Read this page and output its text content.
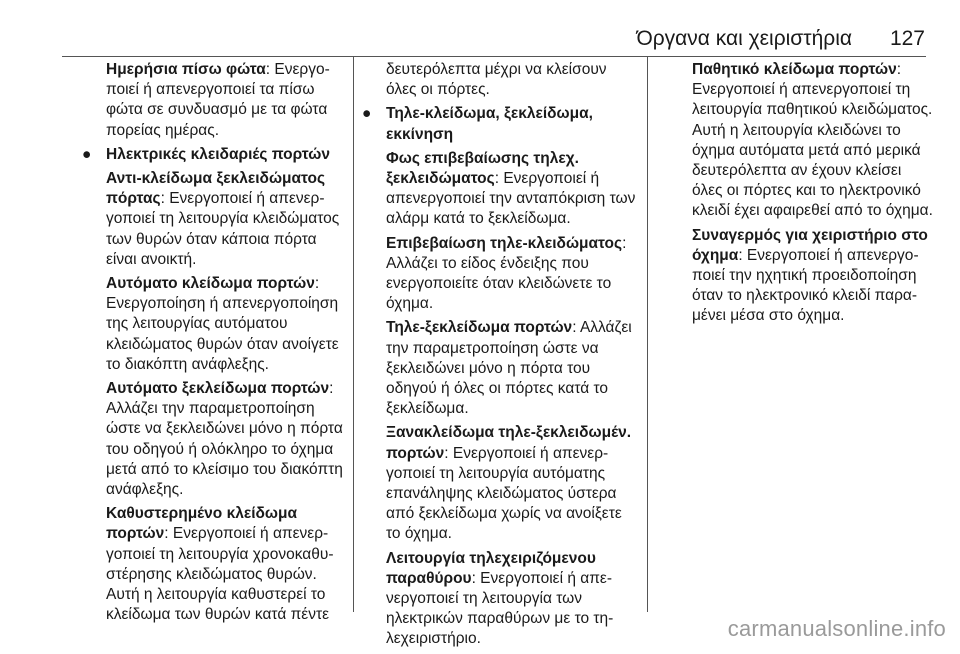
Όργανα και χειριστήρια 127

Ημερήσια πίσω φώτα: Ενεργοποιεί ή απενεργοποιεί τα πίσω φώτα σε συνδυασμό με τα φώτα πορείας ημέρας.

● Ηλεκτρικές κλειδαριές πορτών

Αντι-κλείδωμα ξεκλειδώματος πόρτας: Ενεργοποιεί ή απενεργοποιεί τη λειτουργία κλειδώματος των θυρών όταν κάποια πόρτα είναι ανοικτή.

Αυτόματο κλείδωμα πορτών: Ενεργοποίηση ή απενεργοποίηση της λειτουργίας αυτόματου κλειδώματος θυρών όταν ανοίγετε το διακόπτη ανάφλεξης.

Αυτόματο ξεκλείδωμα πορτών: Αλλάζει την παραμετροποίηση ώστε να ξεκλειδώνει μόνο η πόρτα του οδηγού ή ολόκληρο το όχημα μετά από το κλείσιμο του διακόπτη ανάφλεξης.

Καθυστερημένο κλείδωμα πορτών: Ενεργοποιεί ή απενεργοποιεί τη λειτουργία χρονοκαθυστέρησης κλειδώματος θυρών. Αυτή η λειτουργία καθυστερεί το κλείδωμα των θυρών κατά πέντε

δευτερόλεπτα μέχρι να κλείσουν όλες οι πόρτες.

● Τηλε-κλείδωμα, ξεκλείδωμα, εκκίνηση

Φως επιβεβαίωσης τηλεχ. ξεκλειδώματος: Ενεργοποιεί ή απενεργοποιεί την ανταπόκριση των αλάρμ κατά το ξεκλείδωμα.

Επιβεβαίωση τηλε-κλειδώματος: Αλλάζει το είδος ένδειξης που ενεργοποιείτε όταν κλειδώνετε το όχημα.

Τηλε-ξεκλείδωμα πορτών: Αλλάζει την παραμετροποίηση ώστε να ξεκλειδώνει μόνο η πόρτα του οδηγού ή όλες οι πόρτες κατά το ξεκλείδωμα.

Ξανακλείδωμα τηλε-ξεκλειδωμέν. πορτών: Ενεργοποιεί ή απενεργοποιεί τη λειτουργία αυτόματης επανάληψης κλειδώματος ύστερα από ξεκλείδωμα χωρίς να ανοίξετε το όχημα.

Λειτουργία τηλεχειριζόμενου παραθύρου: Ενεργοποιεί ή απενεργοποιεί τη λειτουργία των ηλεκτρικών παραθύρων με το τηλεχειριστήριο.

Παθητικό κλείδωμα πορτών: Ενεργοποιεί ή απενεργοποιεί τη λειτουργία παθητικού κλειδώματος. Αυτή η λειτουργία κλειδώνει το όχημα αυτόματα μετά από μερικά δευτερόλεπτα αν έχουν κλείσει όλες οι πόρτες και το ηλεκτρονικό κλειδί έχει αφαιρεθεί από το όχημα.

Συναγερμός για χειριστήριο στο όχημα: Ενεργοποιεί ή απενεργοποιεί την ηχητική προειδοποίηση όταν το ηλεκτρονικό κλειδί παραμένει μέσα στο όχημα.

carmanualsonline.info
